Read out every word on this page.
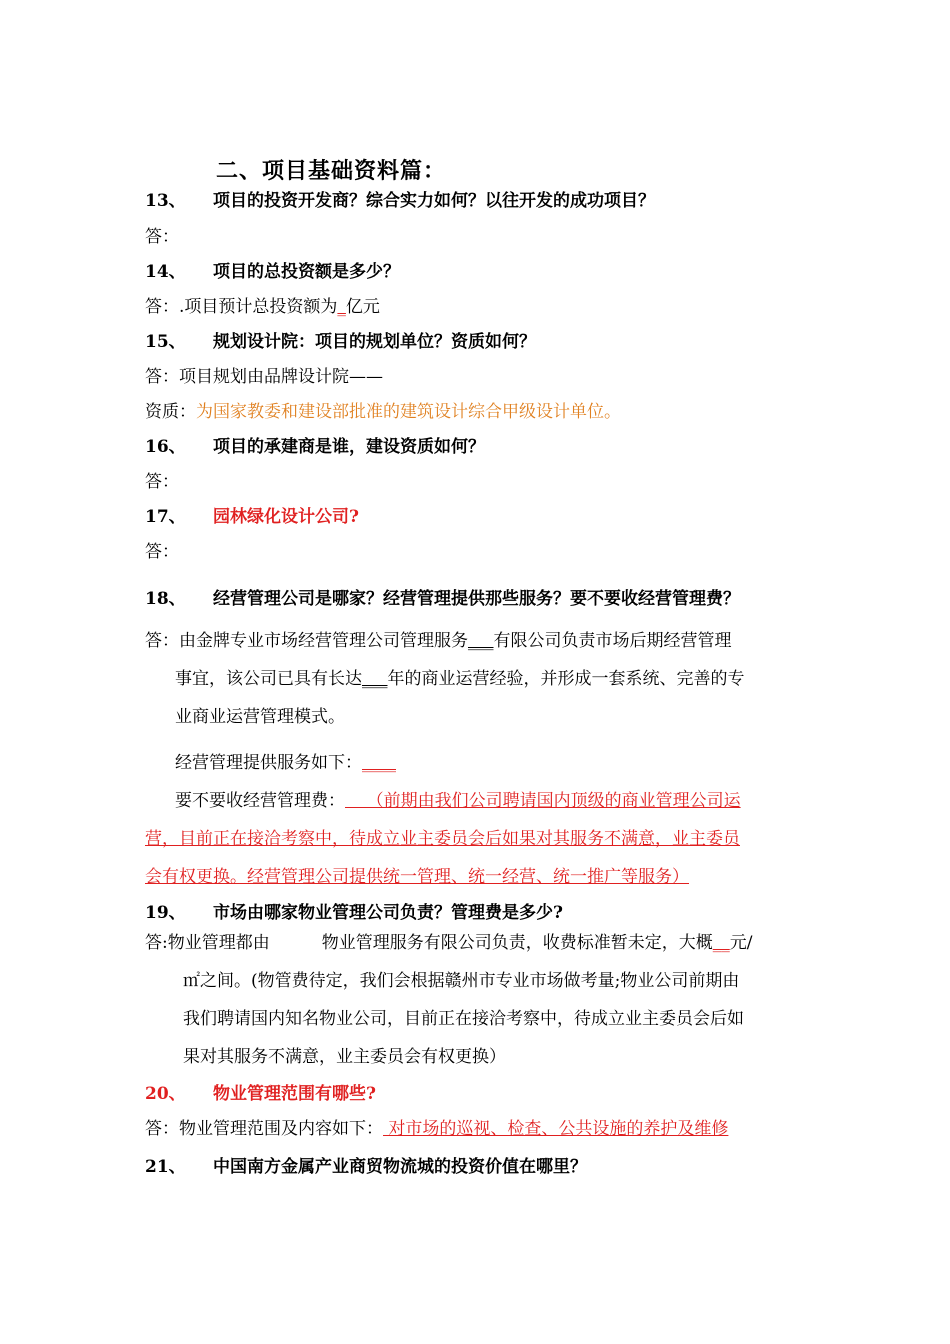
二、项目基础资料篇：
13、 项目的投资开发商？综合实力如何？以往开发的成功项目？
答：
14、 项目的总投资额是多少？
答：.项目预计总投资额为_亿元
15、 规划设计院：项目的规划单位？资质如何？
答：项目规划由品牌设计院——
资质：为国家教委和建设部批准的建筑设计综合甲级设计单位。
16、 项目的承建商是谁，建设资质如何？
答：
17、 园林绿化设计公司?
答：
18、 经营管理公司是哪家？经营管理提供那些服务？要不要收经营管理费？
答：由金牌专业市场经营管理公司管理服务___有限公司负责市场后期经营管理
事宜，该公司已具有长达___年的商业运营经验，并形成一套系统、完善的专
业商业运营管理模式。
经营管理提供服务如下：____
要不要收经营管理费：    （前期由我们公司聘请国内顶级的商业管理公司运
营，目前正在接洽考察中，待成立业主委员会后如果对其服务不满意，业主委员
会有权更换。经营管理公司提供统一管理、统一经营、统一推广等服务）
19、 市场由哪家物业管理公司负责？管理费是多少?
答:物业管理都由	物业管理服务有限公司负责，收费标准暂未定，大概__元/
㎡之间。(物管费待定，我们会根据赣州市专业市场做考量;物业公司前期由
我们聘请国内知名物业公司，目前正在接洽考察中，待成立业主委员会后如
果对其服务不满意，业主委员会有权更换）
20、 物业管理范围有哪些?
答：物业管理范围及内容如下： 对市场的巡视、检查、公共设施的养护及维修
21、 中国南方金属产业商贸物流城的投资价值在哪里？
